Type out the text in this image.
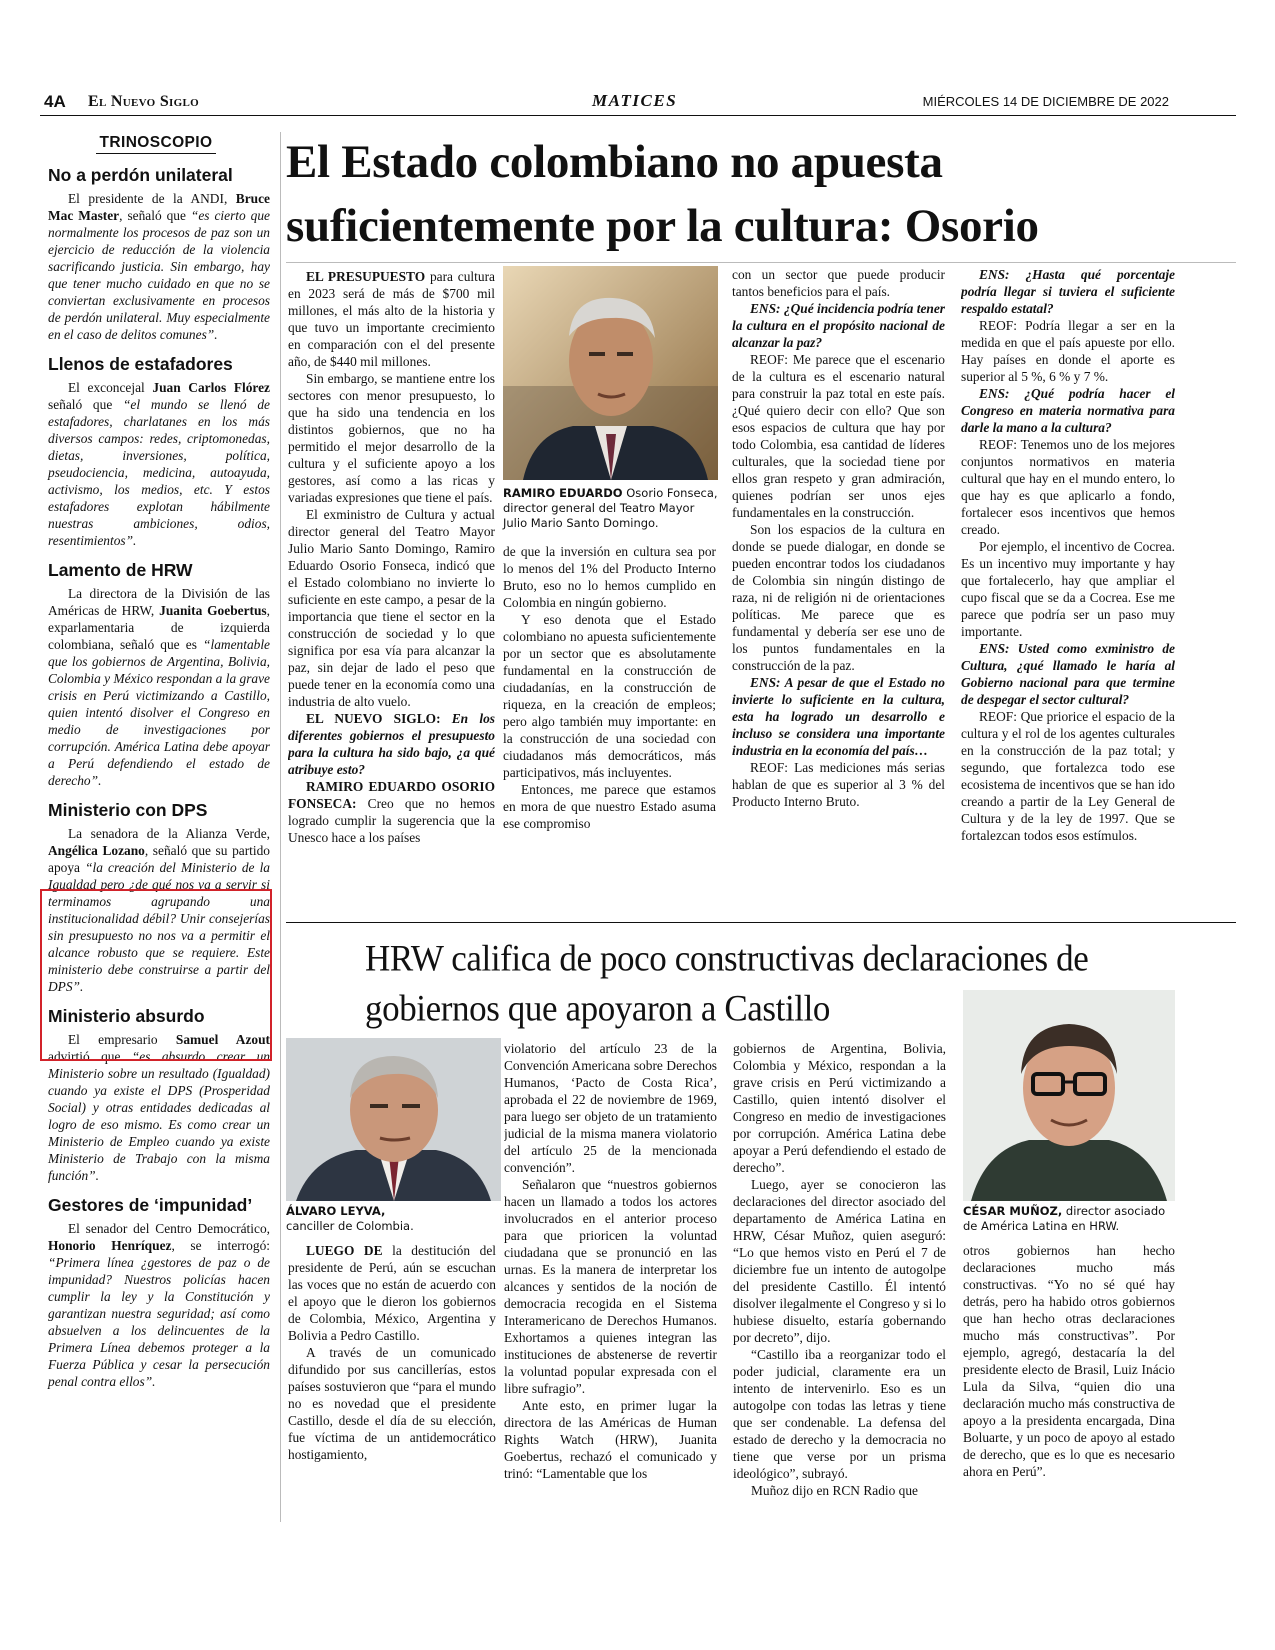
4A El Nuevo Siglo	MATICES	MIÉRCOLES 14 DE DICIEMBRE DE 2022
TRINOSCOPIO
No a perdón unilateral

El presidente de la ANDI, Bruce Mac Master, señaló que “es cierto que normalmente los procesos de paz son un ejercicio de reducción de la violencia sacrificando justicia. Sin embargo, hay que tener mucho cuidado en que no se conviertan exclusivamente en procesos de perdón unilateral. Muy especialmente en el caso de delitos comunes”.

Llenos de estafadores

El exconcejal Juan Carlos Flórez señaló que “el mundo se llenó de estafadores, charlatanes en los más diversos campos: redes, criptomonedas, dietas, inversiones, política, pseudociencia, medicina, autoayuda, activismo, los medios, etc. Y estos estafadores explotan hábilmente nuestras ambiciones, odios, resentimientos”.

Lamento de HRW

La directora de la División de las Américas de HRW, Juanita Goebertus, exparlamentaria de izquierda colombiana, señaló que es “lamentable que los gobiernos de Argentina, Bolivia, Colombia y México respondan a la grave crisis en Perú victimizando a Castillo, quien intentó disolver el Congreso en medio de investigaciones por corrupción. América Latina debe apoyar a Perú defendiendo el estado de derecho”.

Ministerio con DPS

La senadora de la Alianza Verde, Angélica Lozano, señaló que su partido apoya “la creación del Ministerio de la Igualdad pero ¿de qué nos va a servir si terminamos agrupando una institucionalidad débil? Unir consejerías sin presupuesto no nos va a permitir el alcance robusto que se requiere. Este ministerio debe construirse a partir del DPS”.

Ministerio absurdo

El empresario Samuel Azout advirtió que “es absurdo crear un Ministerio sobre un resultado (Igualdad) cuando ya existe el DPS (Prosperidad Social) y otras entidades dedicadas al logro de eso mismo. Es como crear un Ministerio de Empleo cuando ya existe Ministerio de Trabajo con la misma función”.

Gestores de ‘impunidad’

El senador del Centro Democrático, Honorio Henríquez, se interrogó: “Primera línea ¿gestores de paz o de impunidad? Nuestros policías hacen cumplir la ley y la Constitución y garantizan nuestra seguridad; así como absuelven a los delincuentes de la Primera Línea debemos proteger a la Fuerza Pública y cesar la persecución penal contra ellos”.

El Estado colombiano no apuesta suficientemente por la cultura: Osorio

EL PRESUPUESTO para cultura en 2023 será de más de $700 mil millones, el más alto de la historia y que tuvo un importante crecimiento en comparación con el del presente año, de $440 mil millones.

Sin embargo, se mantiene entre los sectores con menor presupuesto, lo que ha sido una tendencia en los distintos gobiernos, que no ha permitido el mejor desarrollo de la cultura y el suficiente apoyo a los gestores, así como a las ricas y variadas expresiones que tiene el país.

El exministro de Cultura y actual director general del Teatro Mayor Julio Mario Santo Domingo, Ramiro Eduardo Osorio Fonseca, indicó que el Estado colombiano no invierte lo suficiente en este campo, a pesar de la importancia que tiene el sector en la construcción de sociedad y lo que significa por esa vía para alcanzar la paz, sin dejar de lado el peso que puede tener en la economía como una industria de alto vuelo.

EL NUEVO SIGLO: En los diferentes gobiernos el presupuesto para la cultura ha sido bajo, ¿a qué atribuye esto?

RAMIRO EDUARDO OSORIO FONSECA: Creo que no hemos logrado cumplir la sugerencia que la Unesco hace a los países

RAMIRO EDUARDO Osorio Fonseca, director general del Teatro Mayor Julio Mario Santo Domingo.

de que la inversión en cultura sea por lo menos del 1% del Producto Interno Bruto, eso no lo hemos cumplido en Colombia en ningún gobierno.

Y eso denota que el Estado colombiano no apuesta suficientemente por un sector que es absolutamente fundamental en la construcción de ciudadanías, en la construcción de riqueza, en la creación de empleos; pero algo también muy importante: en la construcción de una sociedad con ciudadanos más democráticos, más participativos, más incluyentes.

Entonces, me parece que estamos en mora de que nuestro Estado asuma ese compromiso

con un sector que puede producir tantos beneficios para el país.

ENS: ¿Qué incidencia podría tener la cultura en el propósito nacional de alcanzar la paz?

REOF: Me parece que el escenario de la cultura es el escenario natural para construir la paz total en este país. ¿Qué quiero decir con ello? Que son esos espacios de cultura que hay por todo Colombia, esa cantidad de líderes culturales, que la sociedad tiene por ellos gran respeto y gran admiración, quienes podrían ser unos ejes fundamentales en la construcción.

Son los espacios de la cultura en donde se puede dialogar, en donde se pueden encontrar todos los ciudadanos de Colombia sin ningún distingo de raza, ni de religión ni de orientaciones políticas. Me parece que es fundamental y debería ser ese uno de los puntos fundamentales en la construcción de la paz.

ENS: A pesar de que el Estado no invierte lo suficiente en la cultura, esta ha logrado un desarrollo e incluso se considera una importante industria en la economía del país…

REOF: Las mediciones más serias hablan de que es superior al 3 % del Producto Interno Bruto.

ENS: ¿Hasta qué porcentaje podría llegar si tuviera el suficiente respaldo estatal?

REOF: Podría llegar a ser en la medida en que el país apueste por ello. Hay países en donde el aporte es superior al 5 %, 6 % y 7 %.

ENS: ¿Qué podría hacer el Congreso en materia normativa para darle la mano a la cultura?

REOF: Tenemos uno de los mejores conjuntos normativos en materia cultural que hay en el mundo entero, lo que hay es que aplicarlo a fondo, fortalecer esos incentivos que hemos creado.

Por ejemplo, el incentivo de Cocrea. Es un incentivo muy importante y hay que fortalecerlo, hay que ampliar el cupo fiscal que se da a Cocrea. Ese me parece que podría ser un paso muy importante.

ENS: Usted como exministro de Cultura, ¿qué llamado le haría al Gobierno nacional para que termine de despegar el sector cultural?

REOF: Que priorice el espacio de la cultura y el rol de los agentes culturales en la construcción de la paz total; y segundo, que fortalezca todo ese ecosistema de incentivos que se han ido creando a partir de la Ley General de Cultura y de la ley de 1997. Que se fortalezcan todos esos estímulos.

HRW califica de poco constructivas declaraciones de gobiernos que apoyaron a Castillo
ÁLVARO LEYVA,
canciller de Colombia.
CÉSAR MUÑOZ, director asociado de América Latina en HRW.

LUEGO DE la destitución del presidente de Perú, aún se escuchan las voces que no están de acuerdo con el apoyo que le dieron los gobiernos de Colombia, México, Argentina y Bolivia a Pedro Castillo.

A través de un comunicado difundido por sus cancillerías, estos países sostuvieron que “para el mundo no es novedad que el presidente Castillo, desde el día de su elección, fue víctima de un antidemocrático hostigamiento,

violatorio del artículo 23 de la Convención Americana sobre Derechos Humanos, ‘Pacto de Costa Rica’, aprobada el 22 de noviembre de 1969, para luego ser objeto de un tratamiento judicial de la misma manera violatorio del artículo 25 de la mencionada convención”.

Señalaron que “nuestros gobiernos hacen un llamado a todos los actores involucrados en el anterior proceso para que prioricen la voluntad ciudadana que se pronunció en las urnas. Es la manera de interpretar los alcances y sentidos de la noción de democracia recogida en el Sistema Interamericano de Derechos Humanos. Exhortamos a quienes integran las instituciones de abstenerse de revertir la voluntad popular expresada con el libre sufragio”.

Ante esto, en primer lugar la directora de las Américas de Human Rights Watch (HRW), Juanita Goebertus, rechazó el comunicado y trinó: “Lamentable que los

gobiernos de Argentina, Bolivia, Colombia y México, respondan a la grave crisis en Perú victimizando a Castillo, quien intentó disolver el Congreso en medio de investigaciones por corrupción. América Latina debe apoyar a Perú defendiendo el estado de derecho”.

Luego, ayer se conocieron las declaraciones del director asociado del departamento de América Latina en HRW, César Muñoz, quien aseguró: “Lo que hemos visto en Perú el 7 de diciembre fue un intento de autogolpe del presidente Castillo. Él intentó disolver ilegalmente el Congreso y si lo hubiese disuelto, estaría gobernando por decreto”, dijo.

“Castillo iba a reorganizar todo el poder judicial, claramente era un intento de intervenirlo. Eso es un autogolpe con todas las letras y tiene que ser condenable. La defensa del estado de derecho y la democracia no tiene que verse por un prisma ideológico”, subrayó.

Muñoz dijo en RCN Radio que

otros gobiernos han hecho declaraciones mucho más constructivas. “Yo no sé qué hay detrás, pero ha habido otros gobiernos que han hecho otras declaraciones mucho más constructivas”. Por ejemplo, agregó, destacaría la del presidente electo de Brasil, Luiz Inácio Lula da Silva, “quien dio una declaración mucho más constructiva de apoyo a la presidenta encargada, Dina Boluarte, y un poco de apoyo al estado de derecho, que es lo que es necesario ahora en Perú”.
